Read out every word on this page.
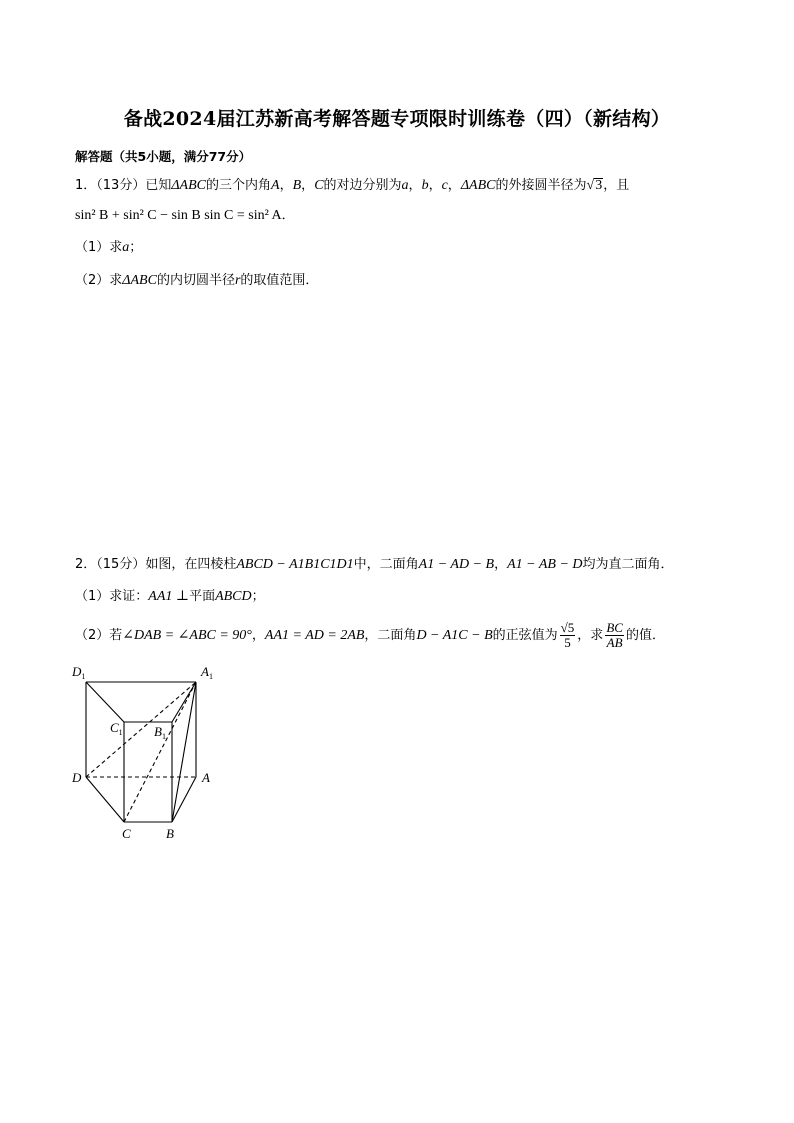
备战2024届江苏新高考解答题专项限时训练卷（四）（新结构）
解答题（共5小题，满分77分）
1．（13分）已知ΔABC的三个内角A，B，C的对边分别为a，b，c，ΔABC的外接圆半径为√3，且
sin² B + sin² C − sin B sin C = sin² A．
（1）求a；
（2）求ΔABC的内切圆半径r的取值范围．
2．（15分）如图，在四棱柱ABCD − A1B1C1D1中，二面角A1 − AD − B，A1 − AB − D均为直二面角．
（1）求证：AA1 ⊥平面ABCD；
（2）若∠DAB = ∠ABC = 90°，AA1 = AD = 2AB，二面角D − A1C − B的正弦值为 $\frac{√5}{5}$ ，求 $\frac{BC}{AB}$ 的值．
$D_1$	$A_1$
$C_1$ $B_1$
D	A
C	B
